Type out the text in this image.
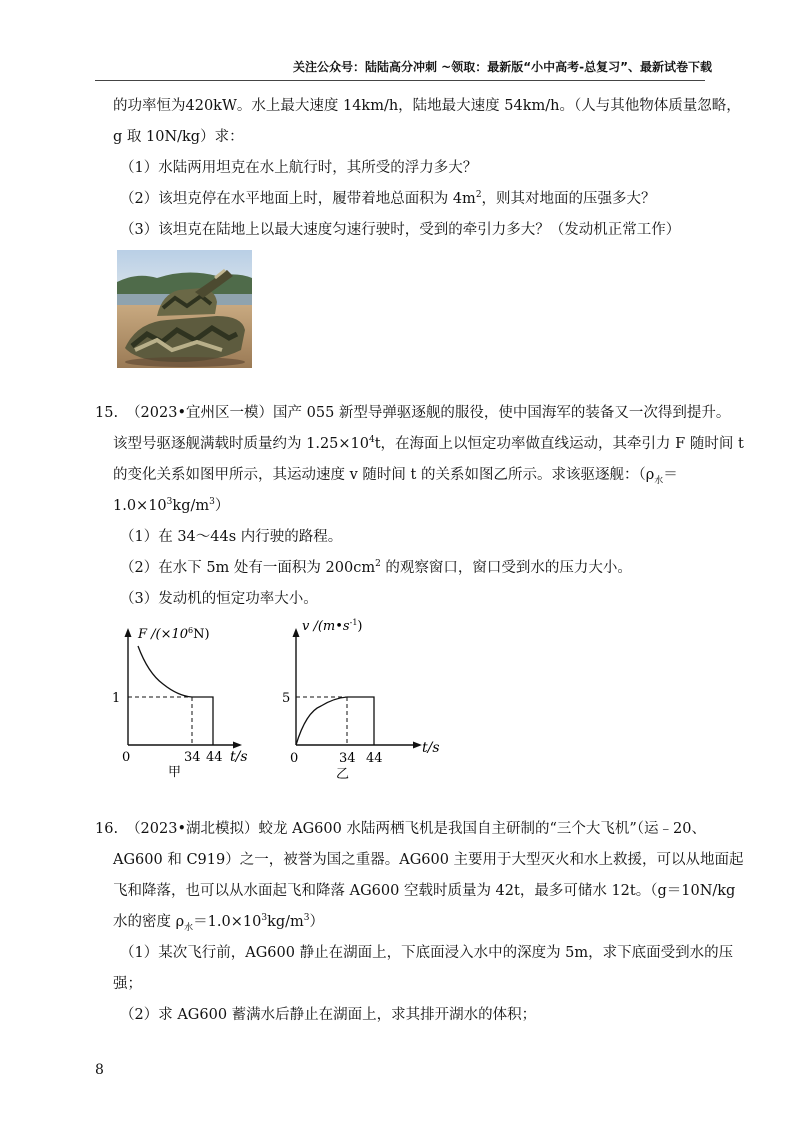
关注公众号：陆陆高分冲刺 ~领取：最新版“小中高考-总复习”、最新试卷下载
的功率恒为420kW。水上最大速度 14km/h，陆地最大速度 54km/h。（人与其他物体质量忽略，
g 取 10N/kg）求：
（1）水陆两用坦克在水上航行时，其所受的浮力多大？
（2）该坦克停在水平地面上时，履带着地总面积为 $4m^2$，则其对地面的压强多大？
（3）该坦克在陆地上以最大速度匀速行驶时，受到的牵引力多大？（发动机正常工作）
15. （2023•宜州区一模）国产 055 新型导弹驱逐舰的服役，使中国海军的装备又一次得到提升。
该型号驱逐舰满载时质量约为 $1.25\times 10^4t$，在海面上以恒定功率做直线运动，其牵引力 F 随时间 t
的变化关系如图甲所示，其运动速度 v 随时间 t 的关系如图乙所示。求该驱逐舰：（$\rho_水=$
$1.0\times 10^3kg/m^3$）
（1）在 34～44s 内行驶的路程。
（2）在水下 5m 处有一面积为 $200cm^2$ 的观察窗口，窗口受到水的压力大小。
（3）发动机的恒定功率大小。
F $/(\times 10^6N)$
1
0	34 44 t/s
甲
v $/(m•s^{-1})$
5
0	34 44
t/s
乙
16. （2023•湖北模拟）蛟龙 AG600 水陆两栖飞机是我国自主研制的“三个大飞机”（运﹣20、
AG600 和 C919）之一，被誉为国之重器。AG600 主要用于大型灭火和水上救援，可以从地面起
飞和降落，也可以从水面起飞和降落 AG600 空载时质量为 42t，最多可储水 12t。（g＝10N/kg
水的密度 $\rho_水=1.0\times 10^3kg/m^3$）
（1）某次飞行前，AG600 静止在湖面上，下底面浸入水中的深度为 5m，求下底面受到水的压
强；
（2）求 AG600 蓄满水后静止在湖面上，求其排开湖水的体积；
8
